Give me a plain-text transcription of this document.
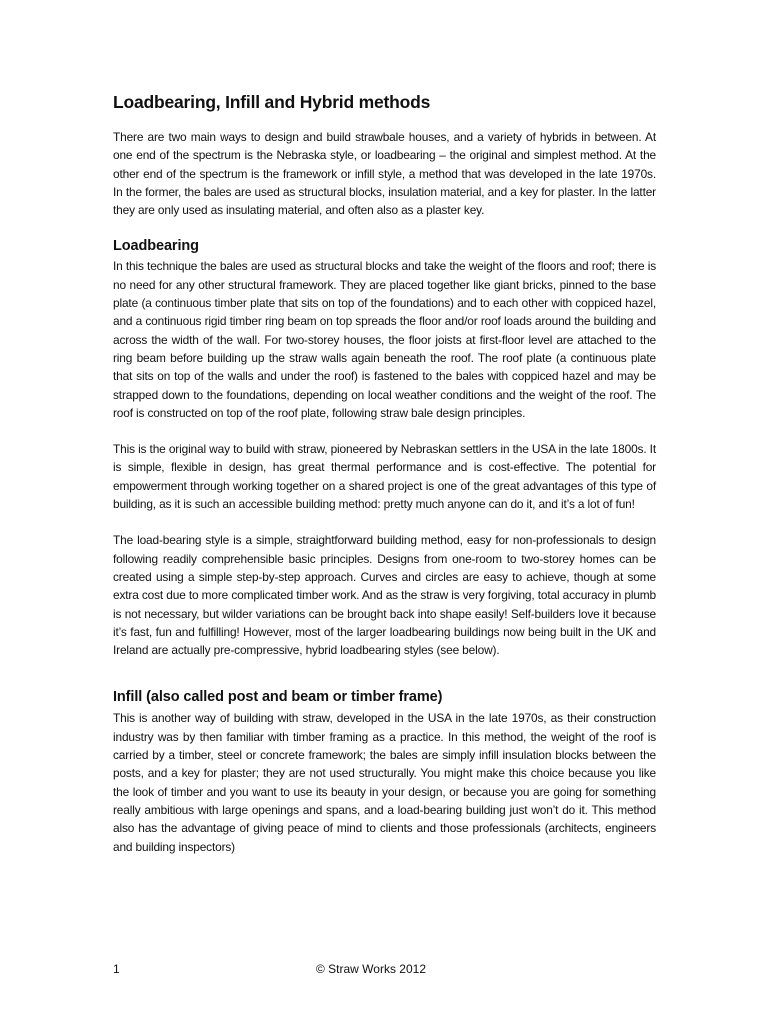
Loadbearing, Infill and Hybrid methods

There are two main ways to design and build strawbale houses, and a variety of hybrids in between. At one end of the spectrum is the Nebraska style, or loadbearing – the original and simplest method. At the other end of the spectrum is the framework or infill style, a method that was developed in the late 1970s. In the former, the bales are used as structural blocks, insulation material, and a key for plaster. In the latter they are only used as insulating material, and often also as a plaster key.

Loadbearing

In this technique the bales are used as structural blocks and take the weight of the floors and roof; there is no need for any other structural framework. They are placed together like giant bricks, pinned to the base plate (a continuous timber plate that sits on top of the foundations) and to each other with coppiced hazel, and a continuous rigid timber ring beam on top spreads the floor and/or roof loads around the building and across the width of the wall. For two-storey houses, the floor joists at first-floor level are attached to the ring beam before building up the straw walls again beneath the roof. The roof plate (a continuous plate that sits on top of the walls and under the roof) is fastened to the bales with coppiced hazel and may be strapped down to the foundations, depending on local weather conditions and the weight of the roof. The roof is constructed on top of the roof plate, following straw bale design principles.

This is the original way to build with straw, pioneered by Nebraskan settlers in the USA in the late 1800s. It is simple, flexible in design, has great thermal performance and is cost-effective. The potential for empowerment through working together on a shared project is one of the great advantages of this type of building, as it is such an accessible building method: pretty much anyone can do it, and it’s a lot of fun!

The load-bearing style is a simple, straightforward building method, easy for non-professionals to design following readily comprehensible basic principles. Designs from one-room to two-storey homes can be created using a simple step-by-step approach. Curves and circles are easy to achieve, though at some extra cost due to more complicated timber work. And as the straw is very forgiving, total accuracy in plumb is not necessary, but wilder variations can be brought back into shape easily! Self-builders love it because it’s fast, fun and fulfilling! However, most of the larger loadbearing buildings now being built in the UK and Ireland are actually pre-compressive, hybrid loadbearing styles (see below).

Infill (also called post and beam or timber frame)

This is another way of building with straw, developed in the USA in the late 1970s, as their construction industry was by then familiar with timber framing as a practice. In this method, the weight of the roof is carried by a timber, steel or concrete framework; the bales are simply infill insulation blocks between the posts, and a key for plaster; they are not used structurally. You might make this choice because you like the look of timber and you want to use its beauty in your design, or because you are going for something really ambitious with large openings and spans, and a load-bearing building just won’t do it. This method also has the advantage of giving peace of mind to clients and those professionals (architects, engineers and building inspectors)

1	© Straw Works 2012
